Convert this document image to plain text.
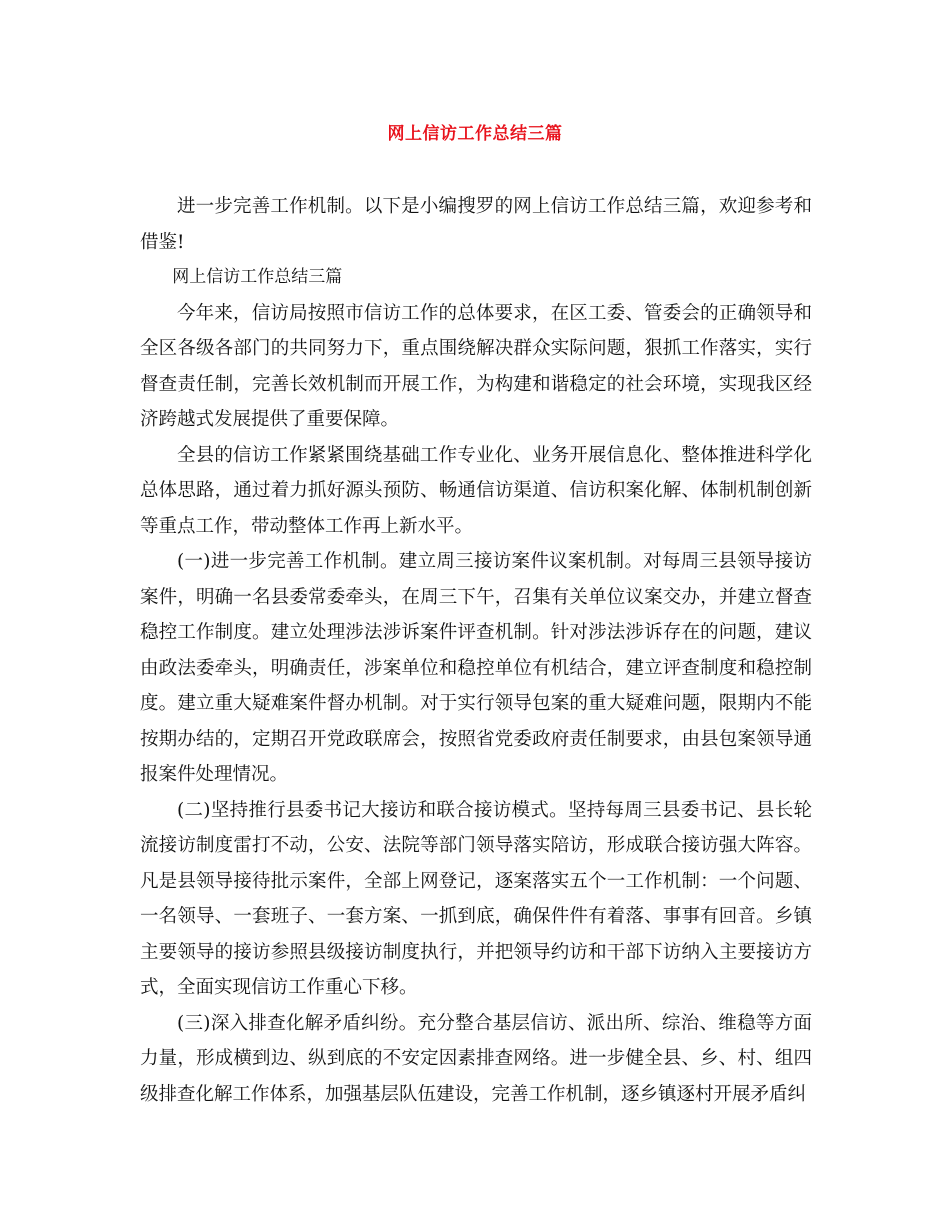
网上信访工作总结三篇

进一步完善工作机制。以下是小编搜罗的网上信访工作总结三篇，欢迎参考和借鉴!

网上信访工作总结三篇

今年来，信访局按照市信访工作的总体要求，在区工委、管委会的正确领导和全区各级各部门的共同努力下，重点围绕解决群众实际问题，狠抓工作落实，实行督查责任制，完善长效机制而开展工作，为构建和谐稳定的社会环境，实现我区经济跨越式发展提供了重要保障。

全县的信访工作紧紧围绕基础工作专业化、业务开展信息化、整体推进科学化总体思路，通过着力抓好源头预防、畅通信访渠道、信访积案化解、体制机制创新等重点工作，带动整体工作再上新水平。

(一)进一步完善工作机制。建立周三接访案件议案机制。对每周三县领导接访案件，明确一名县委常委牵头，在周三下午，召集有关单位议案交办，并建立督查稳控工作制度。建立处理涉法涉诉案件评查机制。针对涉法涉诉存在的问题，建议由政法委牵头，明确责任，涉案单位和稳控单位有机结合，建立评查制度和稳控制度。建立重大疑难案件督办机制。对于实行领导包案的重大疑难问题，限期内不能按期办结的，定期召开党政联席会，按照省党委政府责任制要求，由县包案领导通报案件处理情况。

(二)坚持推行县委书记大接访和联合接访模式。坚持每周三县委书记、县长轮流接访制度雷打不动，公安、法院等部门领导落实陪访，形成联合接访强大阵容。凡是县领导接待批示案件，全部上网登记，逐案落实五个一工作机制：一个问题、一名领导、一套班子、一套方案、一抓到底，确保件件有着落、事事有回音。乡镇主要领导的接访参照县级接访制度执行，并把领导约访和干部下访纳入主要接访方式，全面实现信访工作重心下移。

(三)深入排查化解矛盾纠纷。充分整合基层信访、派出所、综治、维稳等方面力量，形成横到边、纵到底的不安定因素排查网络。进一步健全县、乡、村、组四级排查化解工作体系，加强基层队伍建设，完善工作机制，逐乡镇逐村开展矛盾纠
